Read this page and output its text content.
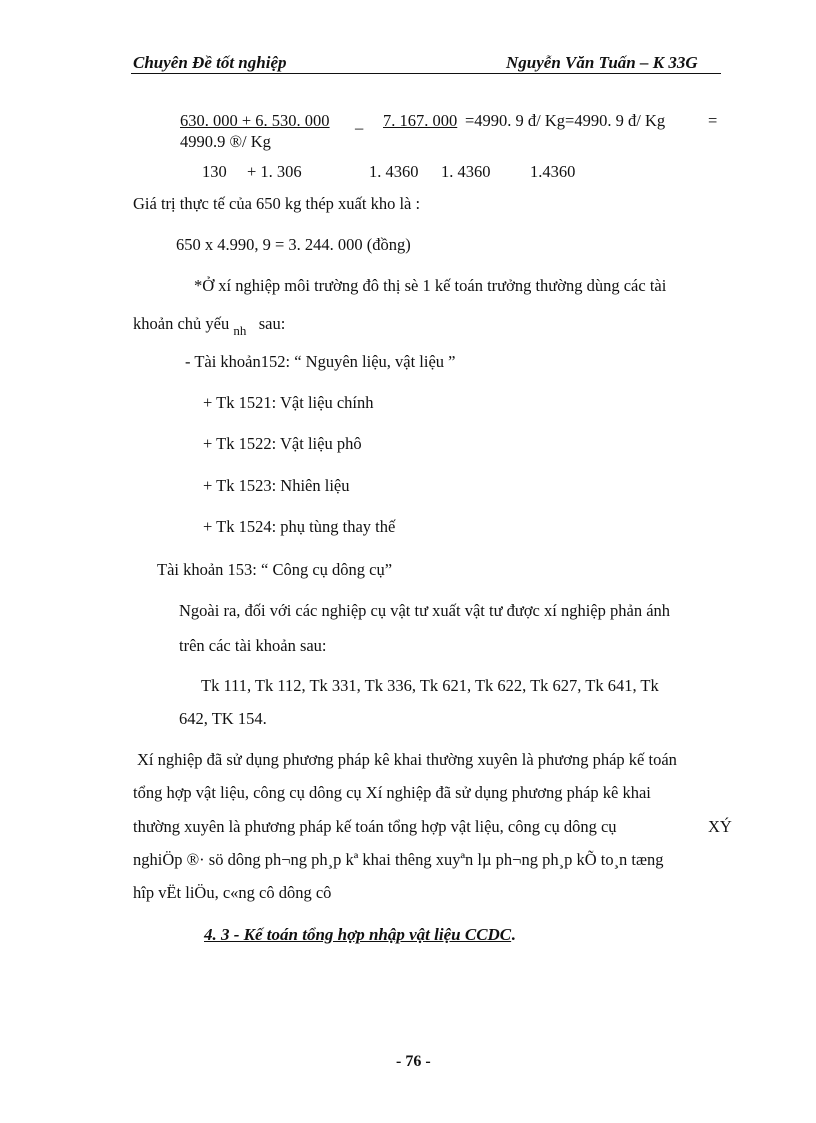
Chuyên Đề tốt nghiệp	Nguyễn Văn Tuấn – K 33G
630. 000 + 6. 530. 000 – 7. 167. 000 =4990. 9 đ/ Kg=4990. 9 đ/ Kg	=
4990.9 ®/ Kg
130 + 1. 306	1. 4360 1. 4360 1.4360
Giá trị thực tế của 650 kg thép xuất kho là :
650 x 4.990, 9 = 3. 244. 000 (đồng)
*Ở xí nghiệp môi trường đô thị sè 1 kế toán trưởng thường dùng các tài
khoản chủ yếu $_{nh}$ sau:
- Tài khoản152: “ Nguyên liệu, vật liệu ”
+ Tk 1521: Vật liệu chính
+ Tk 1522: Vật liệu phô
+ Tk 1523: Nhiên liệu
+ Tk 1524: phụ tùng thay thế
Tài khoản 153: “ Công cụ dông cụ”
Ngoài ra, đối với các nghiệp cụ vật tư xuất vật tư được xí nghiệp phản ánh
trên các tài khoản sau:
Tk 111, Tk 112, Tk 331, Tk 336, Tk 621, Tk 622, Tk 627, Tk 641, Tk
642, TK 154.
Xí nghiệp đã sử dụng phương pháp kê khai thường xuyên là phương pháp kế toán
tổng hợp vật liệu, công cụ dông cụ Xí nghiệp đã sử dụng phương pháp kê khai
thường xuyên là phương pháp kế toán tổng hợp vật liệu, công cụ dông cụ	XÝ
nghiÖp ®· sö dông ph¬ng ph¸p kª khai thêng xuyªn lµ ph¬ng ph¸p kÕ to¸n tæng
hîp vËt liÖu, c«ng cô dông cô
4. 3 - Kế toán tổng hợp nhập vật liệu CCDC.
- 76 -
